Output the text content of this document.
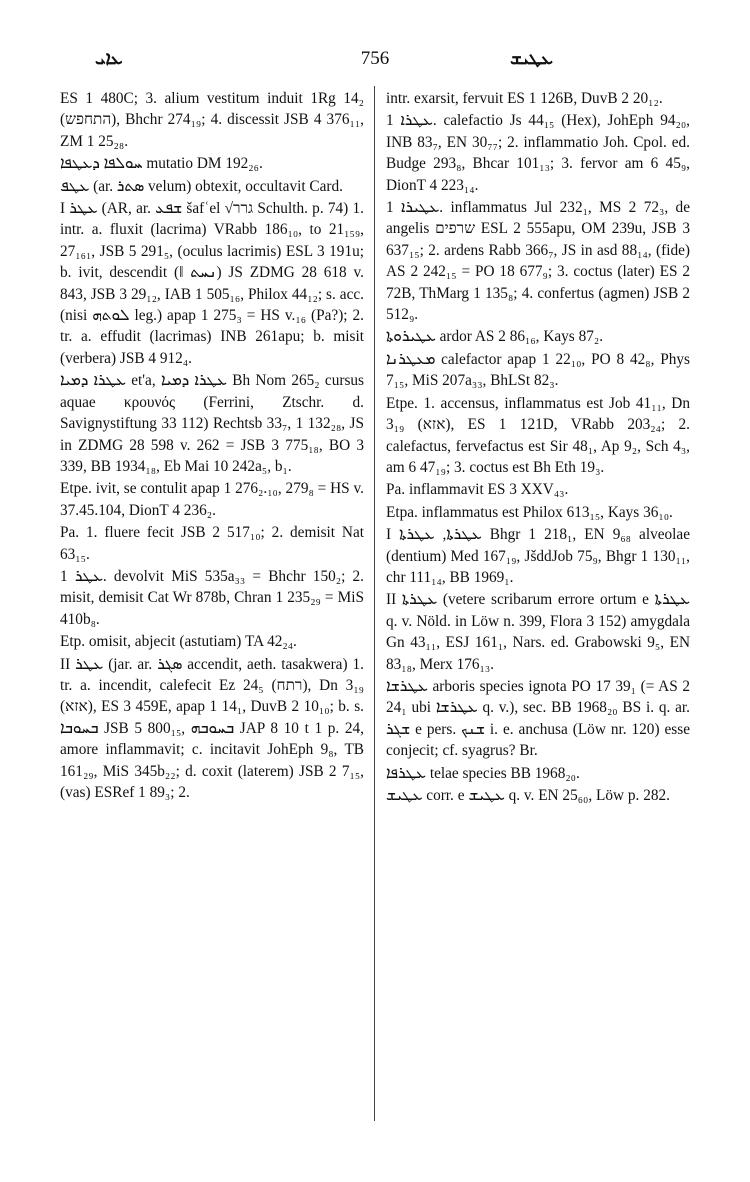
ܥܐܝ	756	ܥܛܝܫ

ES 1 480C; 3. alium vestitum induit 1Rg 14₂ (התחפש), Bhchr 274₁₉; 4. discessit JSB 4 376₁₁, ZM 1 25₂₈.

ܚܘܠܦܐ ܕܥܛܦܐ mutatio DM 192₂₆.

ܥܛܦ (ar. ܣܬܪ velum) obtexit, occultavit Card.

I ܥܛܪ (AR, ar. ܫܦܥ šafʿel √גרר Schulth. p. 74) 1. intr. a. fluxit (lacrima) VRabb 186₁₀, to 21₁₅₉, 27₁₆₁, JSB 5 291₅, (oculus lacrimis) ESL 3 191u; b. ivit, descendit (‖ ܢܚܬ) JS ZDMG 28 618 v. 843, JSB 3 29₁₂, IAB 1 505₁₆, Philox 44₁₂; s. acc. (nisi ܠܘܬܗ leg.) apap 1 275₃ = HS v.₁₆ (Pa?); 2. tr. a. effudit (lacrimas) INB 261apu; b. misit (verbera) JSB 4 912₄.

ܥܛܪܐ ܕܡܝܐ et'a, ܥܛܪܐ ܕܡܝܐ Bh Nom 265₂ cursus aquae κρουνός (Ferrini, Ztschr. d. Savignystiftung 33 112) Rechtsb 33₇, 1 132₂₈, JS in ZDMG 28 598 v. 262 = JSB 3 775₁₈, BO 3 339, BB 1934₁₈, Eb Mai 10 242a₅, b₁.

Etpe. ivit, se contulit apap 1 276₂.₁₀, 279₈ = HS v. 37.45.104, DionT 4 236₂.

Pa. 1. fluere fecit JSB 2 517₁₀; 2. demisit Nat 63₁₅.

ܥܛܪ 1. devolvit MiS 535a₃₃ = Bhchr 150₂; 2. misit, demisit Cat Wr 878b, Chran 1 235₂₉ = MiS 410b₈.

Etp. omisit, abjecit (astutiam) TA 42₂₄.

II ܥܛܪ (jar. ar. ܣܓܪ accendit, aeth. tasakwera) 1. tr. a. incendit, calefecit Ez 24₅ (רתח), Dn 3₁₉ (אזא), ES 3 459E, apap 1 14₁, DuvB 2 10₁₀; b. s. ܒܚܘܒܐ JSB 5 800₁₅, ܒܚܘܒܗ JAP 8 10 t 1 p. 24, amore inflammavit; c. incitavit JohEph 9₈, TB 161₂₉, MiS 345b₂₂; d. coxit (laterem) JSB 2 7₁₅, (vas) ESRef 1 89₃; 2.

intr. exarsit, fervuit ES 1 126B, DuvB 2 20₁₂.

ܥܛܪܐ 1. calefactio Js 44₁₅ (Hex), JohEph 94₂₀, INB 83₇, EN 30₇₇; 2. inflammatio Joh. Cpol. ed. Budge 293₈, Bhcar 101₁₃; 3. fervor am 6 45₉, DionT 4 223₁₄.

ܥܛܝܪܐ 1. inflammatus Jul 232₁, MS 2 72₃, de angelis שרפים ESL 2 555apu, OM 239u, JSB 3 637₁₅; 2. ardens Rabb 366₇, JS in asd 88₁₄, (fide) AS 2 242₁₅ = PO 18 677₉; 3. coctus (later) ES 2 72B, ThMarg 1 135₈; 4. confertus (agmen) JSB 2 512₉.

ܥܛܝܪܘܬܐ ardor AS 2 86₁₆, Kays 87₂.

ܡܥܛܪܢܐ calefactor apap 1 22₁₀, PO 8 42₈, Phys 7₁₅, MiS 207a₃₃, BhLSt 82₃.

Etpe. 1. accensus, inflammatus est Job 41₁₁, Dn 3₁₉ (אזא), ES 1 121D, VRabb 203₂₄; 2. calefactus, fervefactus est Sir 48₁, Ap 9₂, Sch 4₃, am 6 47₁₉; 3. coctus est Bh Eth 19₃.

Pa. inflammavit ES 3 XXV₄₃.

Etpa. inflammatus est Philox 613₁₅, Kays 36₁₀.

I ܥܛܪܬܐ, ܥܛܪܬܐ Bhgr 1 218₁, EN 9₆₈ alveolae (dentium) Med 167₁₉, JšddJob 75₉, Bhgr 1 130₁₁, chr 111₁₄, BB 1969₁.

II ܥܛܪܬܐ (vetere scribarum errore ortum e ܥܛܪܬܐ q. v. Nöld. in Löw n. 399, Flora 3 152) amygdala Gn 43₁₁, ESJ 161₁, Nars. ed. Grabowski 9₅, EN 83₁₈, Merx 176₁₃.

ܥܛܪܫܐ arboris species ignota PO 17 39₁ (= AS 2 24₁ ubi ܥܛܪܫܐ q. v.), sec. BB 1968₂₀ BS i. q. ar. ܫܓܪ e pers. ܫܢܟ i. e. anchusa (Löw nr. 120) esse conjecit; cf. syagrus? Br.

ܥܛܪܦܐ telae species BB 1968₂₀.

ܥܛܝܫ corr. e ܥܛܝܫ q. v. EN 25₆₀, Löw p. 282.
